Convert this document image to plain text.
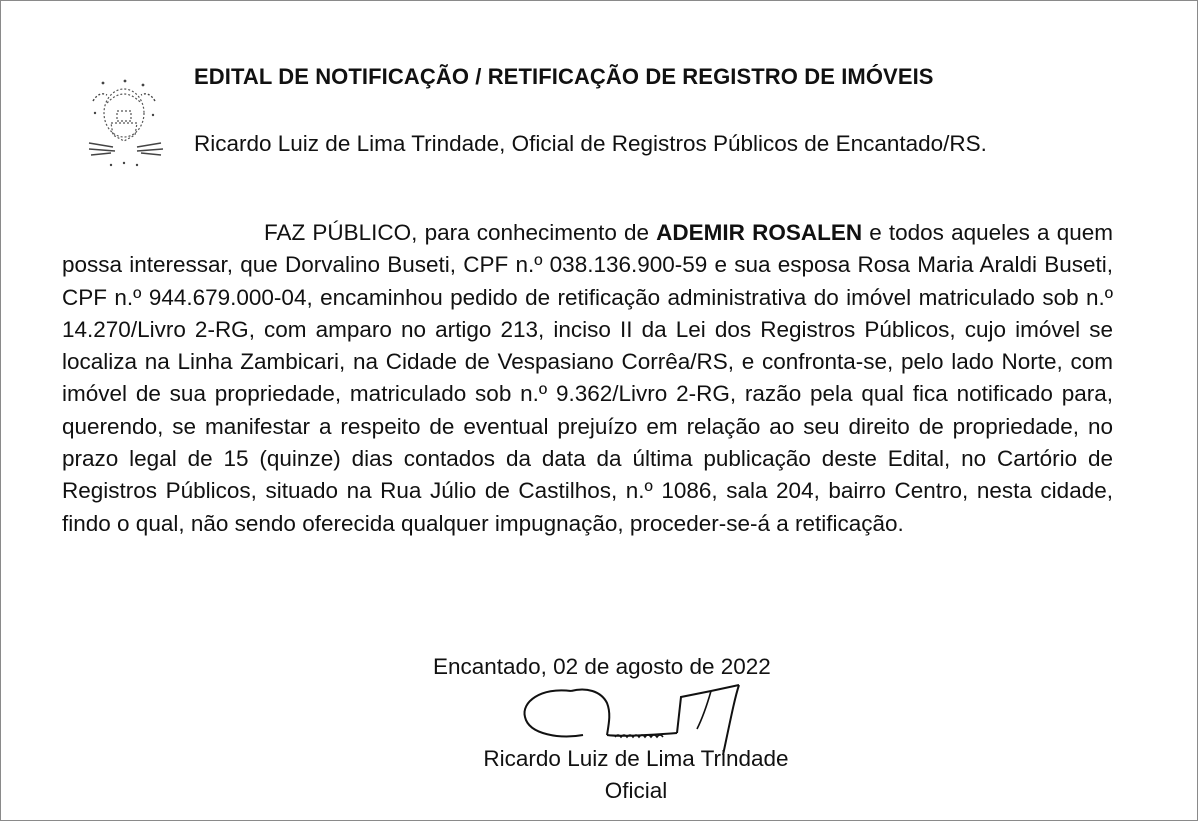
EDITAL DE NOTIFICAÇÃO / RETIFICAÇÃO DE REGISTRO DE IMÓVEIS
Ricardo Luiz de Lima Trindade, Oficial de Registros Públicos de Encantado/RS.

FAZ PÚBLICO, para conhecimento de ADEMIR ROSALEN e todos aqueles a quem possa interessar, que Dorvalino Buseti, CPF n.º 038.136.900-59 e sua esposa Rosa Maria Araldi Buseti, CPF n.º 944.679.000-04, encaminhou pedido de retificação administrativa do imóvel matriculado sob n.º 14.270/Livro 2-RG, com amparo no artigo 213, inciso II da Lei dos Registros Públicos, cujo imóvel se localiza na Linha Zambicari, na Cidade de Vespasiano Corrêa/RS, e confronta-se, pelo lado Norte, com imóvel de sua propriedade, matriculado sob n.º 9.362/Livro 2-RG, razão pela qual fica notificado para, querendo, se manifestar a respeito de eventual prejuízo em relação ao seu direito de propriedade, no prazo legal de 15 (quinze) dias contados da data da última publicação deste Edital, no Cartório de Registros Públicos, situado na Rua Júlio de Castilhos, n.º 1086, sala 204, bairro Centro, nesta cidade, findo o qual, não sendo oferecida qualquer impugnação, proceder-se-á a retificação.

Encantado, 02 de agosto de 2022
Ricardo Luiz de Lima Trindade
Oficial
